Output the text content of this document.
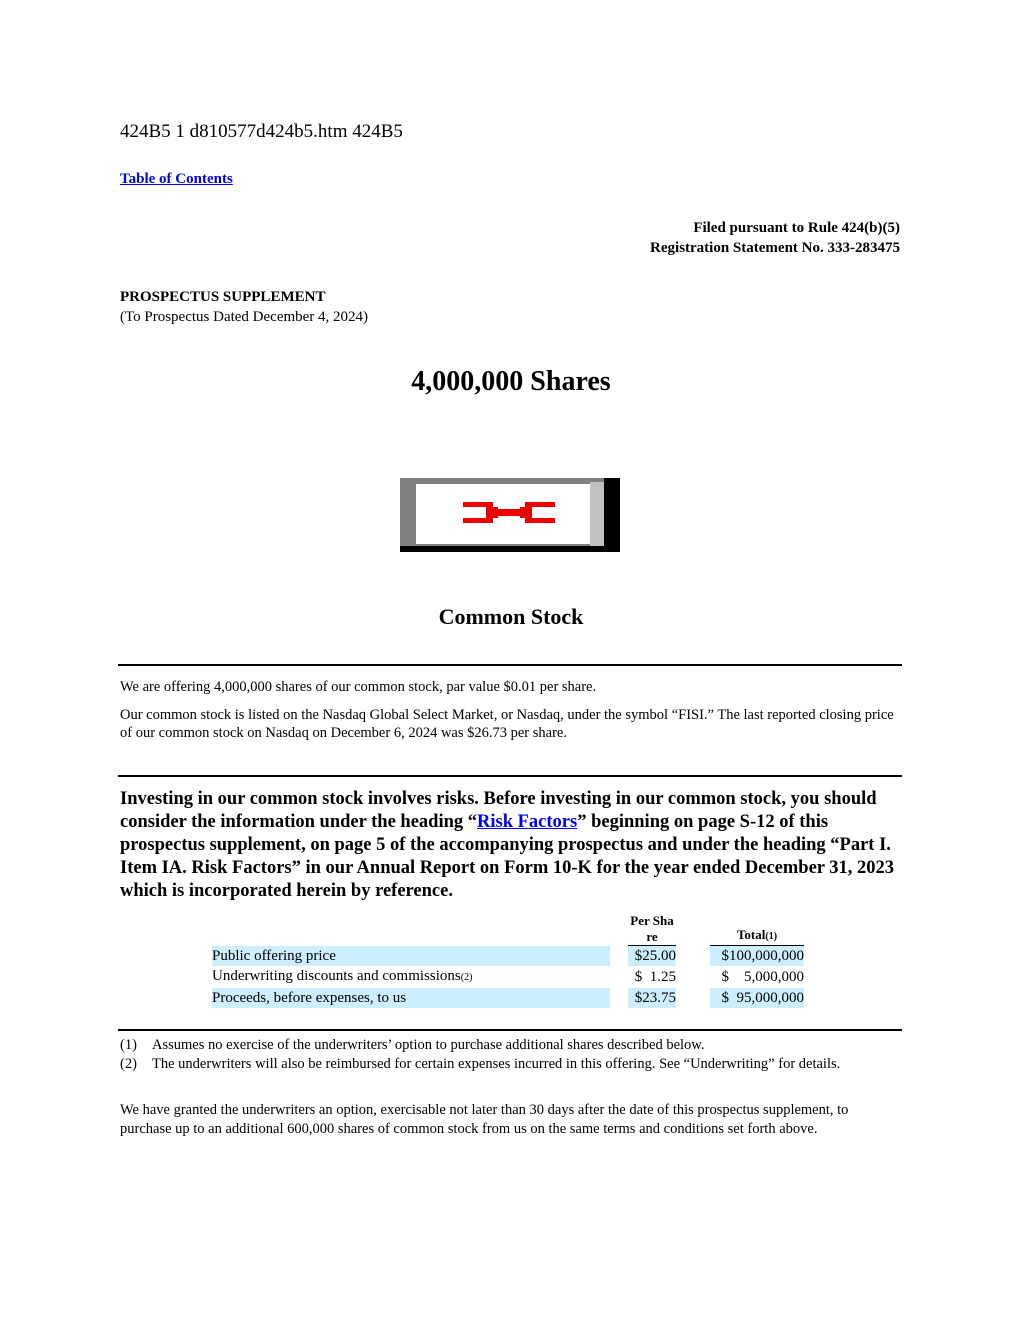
424B5 1 d810577d424b5.htm 424B5
Table of Contents
Filed pursuant to Rule 424(b)(5)
Registration Statement No. 333-283475
PROSPECTUS SUPPLEMENT
(To Prospectus Dated December 4, 2024)
4,000,000 Shares
Common Stock
We are offering 4,000,000 shares of our common stock, par value $0.01 per share.
Our common stock is listed on the Nasdaq Global Select Market, or Nasdaq, under the symbol “FISI.” The last reported closing price of our common stock on Nasdaq on December 6, 2024 was $26.73 per share.
Investing in our common stock involves risks. Before investing in our common stock, you should consider the information under the heading “Risk Factors” beginning on page S-12 of this prospectus supplement, on page 5 of the accompanying prospectus and under the heading “Part I. Item IA. Risk Factors” in our Annual Report on Form 10-K for the year ended December 31, 2023 which is incorporated herein by reference.
		Per Sha
re		Total(1)
Public offering price		$25.00		$100,000,000
Underwriting discounts and commissions(2)		$  1.25		$    5,000,000
Proceeds, before expenses, to us		$23.75		$  95,000,000
(1)	Assumes no exercise of the underwriters’ option to purchase additional shares described below.
(2)	The underwriters will also be reimbursed for certain expenses incurred in this offering. See “Underwriting” for details.
We have granted the underwriters an option, exercisable not later than 30 days after the date of this prospectus supplement, to purchase up to an additional 600,000 shares of common stock from us on the same terms and conditions set forth above.
